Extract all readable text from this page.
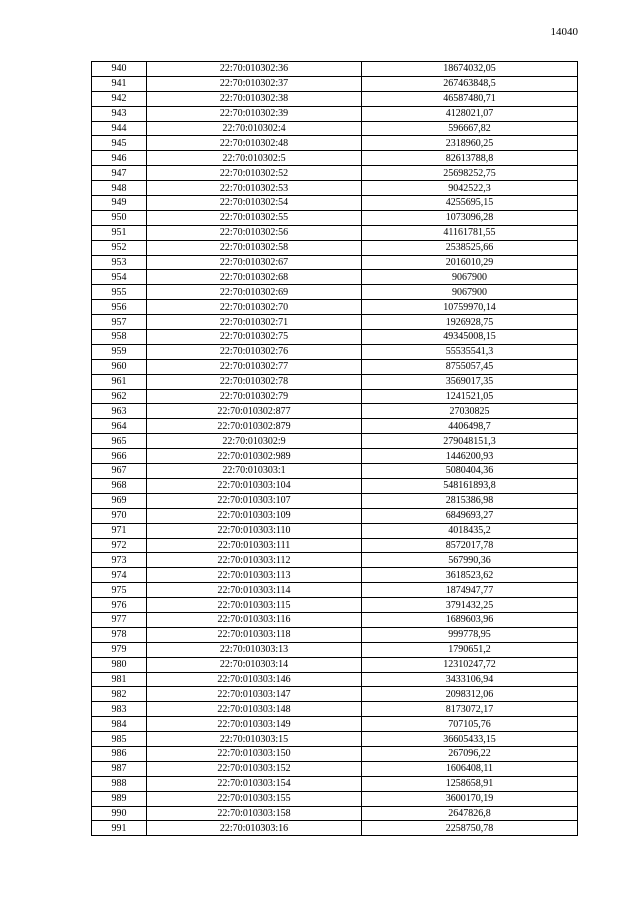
14040
940	22:70:010302:36	18674032,05
941	22:70:010302:37	267463848,5
942	22:70:010302:38	46587480,71
943	22:70:010302:39	4128021,07
944	22:70:010302:4	596667,82
945	22:70:010302:48	2318960,25
946	22:70:010302:5	82613788,8
947	22:70:010302:52	25698252,75
948	22:70:010302:53	9042522,3
949	22:70:010302:54	4255695,15
950	22:70:010302:55	1073096,28
951	22:70:010302:56	41161781,55
952	22:70:010302:58	2538525,66
953	22:70:010302:67	2016010,29
954	22:70:010302:68	9067900
955	22:70:010302:69	9067900
956	22:70:010302:70	10759970,14
957	22:70:010302:71	1926928,75
958	22:70:010302:75	49345008,15
959	22:70:010302:76	55535541,3
960	22:70:010302:77	8755057,45
961	22:70:010302:78	3569017,35
962	22:70:010302:79	1241521,05
963	22:70:010302:877	27030825
964	22:70:010302:879	4406498,7
965	22:70:010302:9	279048151,3
966	22:70:010302:989	1446200,93
967	22:70:010303:1	5080404,36
968	22:70:010303:104	548161893,8
969	22:70:010303:107	2815386,98
970	22:70:010303:109	6849693,27
971	22:70:010303:110	4018435,2
972	22:70:010303:111	8572017,78
973	22:70:010303:112	567990,36
974	22:70:010303:113	3618523,62
975	22:70:010303:114	1874947,77
976	22:70:010303:115	3791432,25
977	22:70:010303:116	1689603,96
978	22:70:010303:118	999778,95
979	22:70:010303:13	1790651,2
980	22:70:010303:14	12310247,72
981	22:70:010303:146	3433106,94
982	22:70:010303:147	2098312,06
983	22:70:010303:148	8173072,17
984	22:70:010303:149	707105,76
985	22:70:010303:15	36605433,15
986	22:70:010303:150	267096,22
987	22:70:010303:152	1606408,11
988	22:70:010303:154	1258658,91
989	22:70:010303:155	3600170,19
990	22:70:010303:158	2647826,8
991	22:70:010303:16	2258750,78
